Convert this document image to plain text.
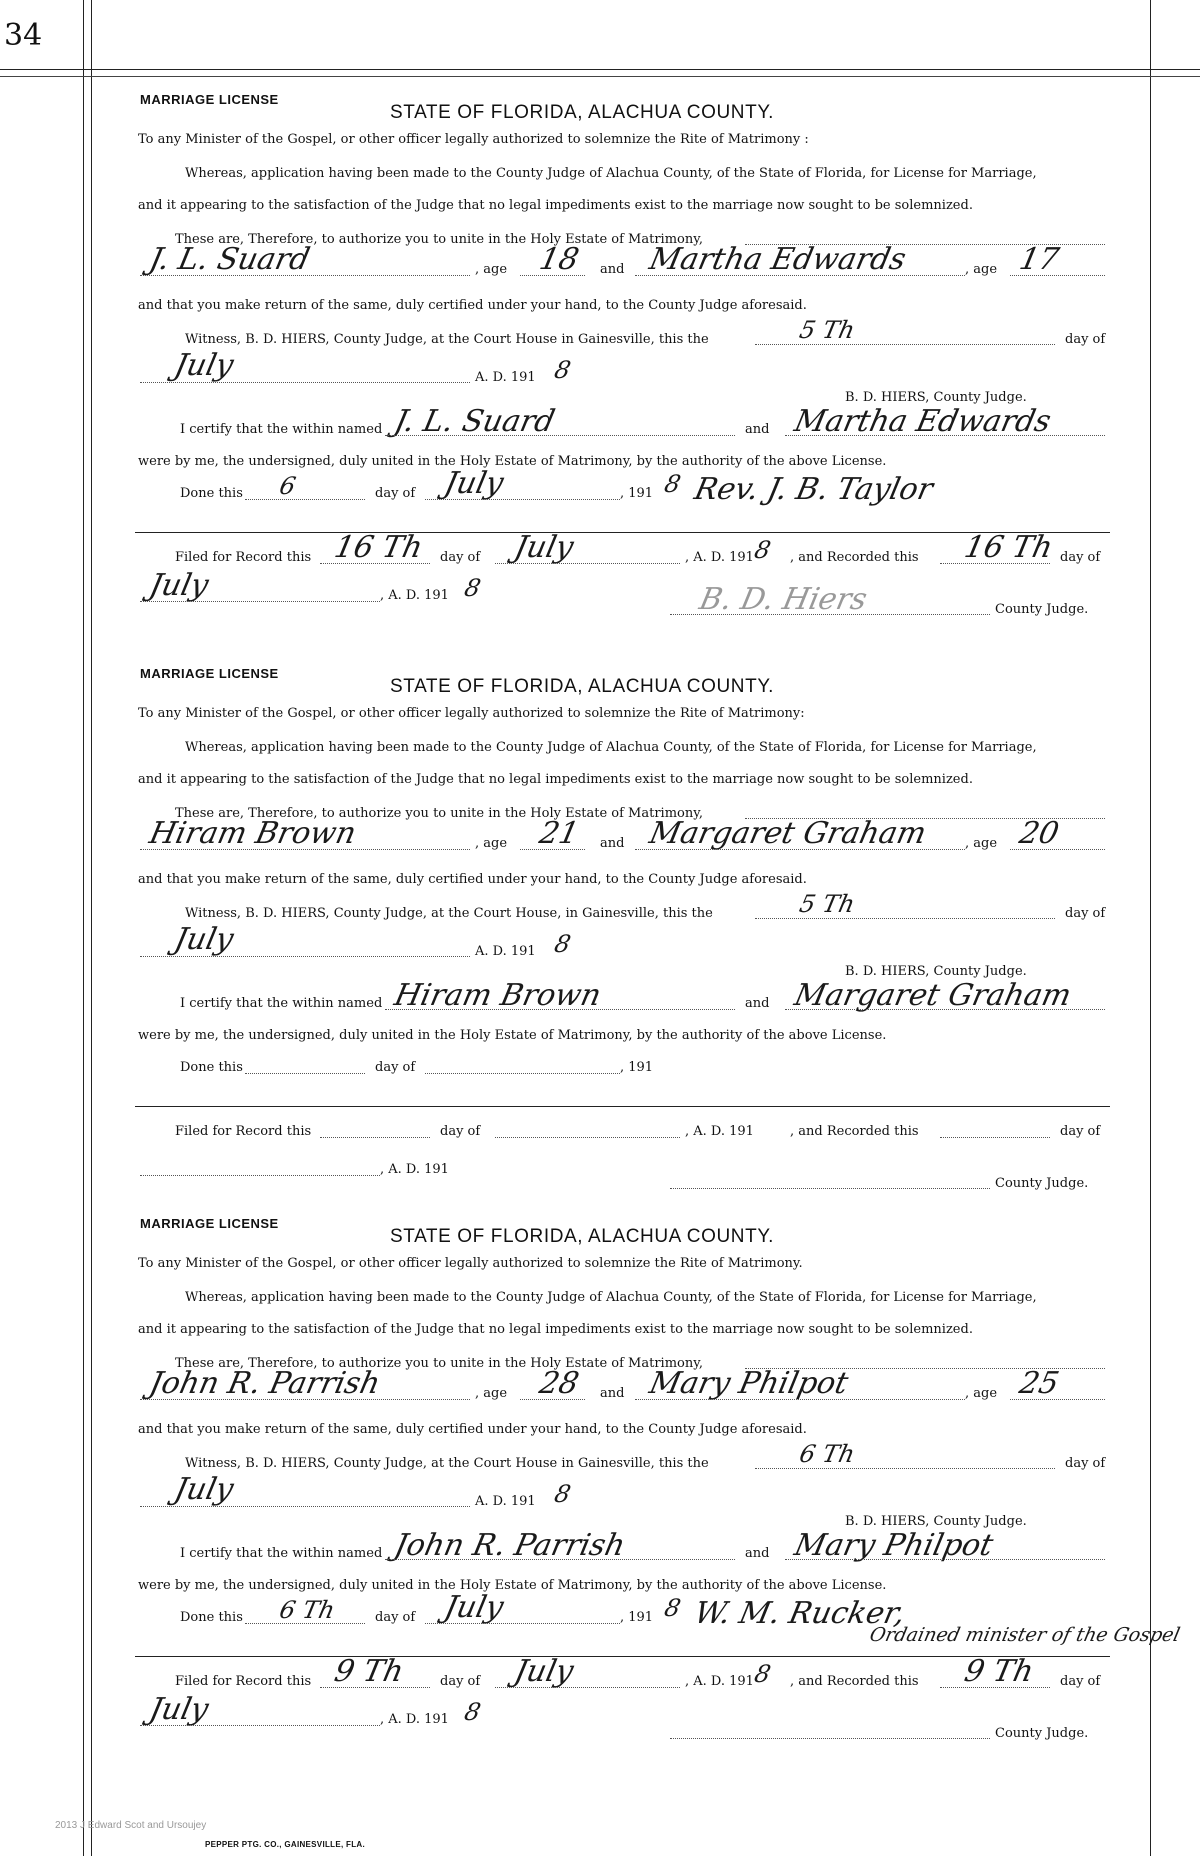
34
MARRIAGE LICENSE
STATE OF FLORIDA, ALACHUA COUNTY.
To any Minister of the Gospel, or other officer legally authorized to solemnize the Rite of Matrimony :
Whereas, application having been made to the County Judge of Alachua County, of the State of Florida, for License for Marriage,
and it appearing to the satisfaction of the Judge that no legal impediments exist to the marriage now sought to be solemnized.
These are, Therefore, to authorize you to unite in the Holy Estate of Matrimony,
J. L. Suard	, age 18 and Martha Edwards	, age 17
and that you make return of the same, duly certified under your hand, to the County Judge aforesaid.
Witness, B. D. HIERS, County Judge, at the Court House in Gainesville, this the	5 Th	day of
July	A. D. 191 8
B. D. HIERS, County Judge.
I certify that the within named J. L. Suard	and Martha Edwards
were by me, the undersigned, duly united in the Holy Estate of Matrimony, by the authority of the above License.
Done this 6	day of July	, 191 8 Rev. J. B. Taylor
Filed for Record this 16 Th day of July	, A. D. 191
8 , and Recorded this 16 Th day of
July	, A. D. 191 8	B. D. Hiers	County Judge.
MARRIAGE LICENSE
STATE OF FLORIDA, ALACHUA COUNTY.
To any Minister of the Gospel, or other officer legally authorized to solemnize the Rite of Matrimony:
Whereas, application having been made to the County Judge of Alachua County, of the State of Florida, for License for Marriage,
and it appearing to the satisfaction of the Judge that no legal impediments exist to the marriage now sought to be solemnized.
These are, Therefore, to authorize you to unite in the Holy Estate of Matrimony,
Hiram Brown	, age 21 and Margaret Graham	, age 20
and that you make return of the same, duly certified under your hand, to the County Judge aforesaid.
Witness, B. D. HIERS, County Judge, at the Court House, in Gainesville, this the	5 Th	day of
July	A. D. 191 8
B. D. HIERS, County Judge.
I certify that the within named Hiram Brown	and Margaret Graham
were by me, the undersigned, duly united in the Holy Estate of Matrimony, by the authority of the above License.
Done this	day of	, 191
Filed for Record this	day of	, A. D. 191	, and Recorded this	day of
, A. D. 191
County Judge.
MARRIAGE LICENSE
STATE OF FLORIDA, ALACHUA COUNTY.
To any Minister of the Gospel, or other officer legally authorized to solemnize the Rite of Matrimony.
Whereas, application having been made to the County Judge of Alachua County, of the State of Florida, for License for Marriage,
and it appearing to the satisfaction of the Judge that no legal impediments exist to the marriage now sought to be solemnized.
These are, Therefore, to authorize you to unite in the Holy Estate of Matrimony,
John R. Parrish	, age 28 and Mary Philpot	, age 25
and that you make return of the same, duly certified under your hand, to the County Judge aforesaid.
Witness, B. D. HIERS, County Judge, at the Court House in Gainesville, this the	6 Th	day of
July	A. D. 191 8
B. D. HIERS, County Judge.
I certify that the within named John R. Parrish	and Mary Philpot
were by me, the undersigned, duly united in the Holy Estate of Matrimony, by the authority of the above License.
Done this 6 Th	day of July	, 191 8 W. M. Rucker,
Ordained minister of the Gospel
Filed for Record this 9 Th	day of July	, A. D. 191
8 , and Recorded this 9 Th day of
July	, A. D. 191 8
County Judge.
PEPPER PTG. CO., GAINESVILLE, FLA.
2013 J Edward Scot and Ursoujey
